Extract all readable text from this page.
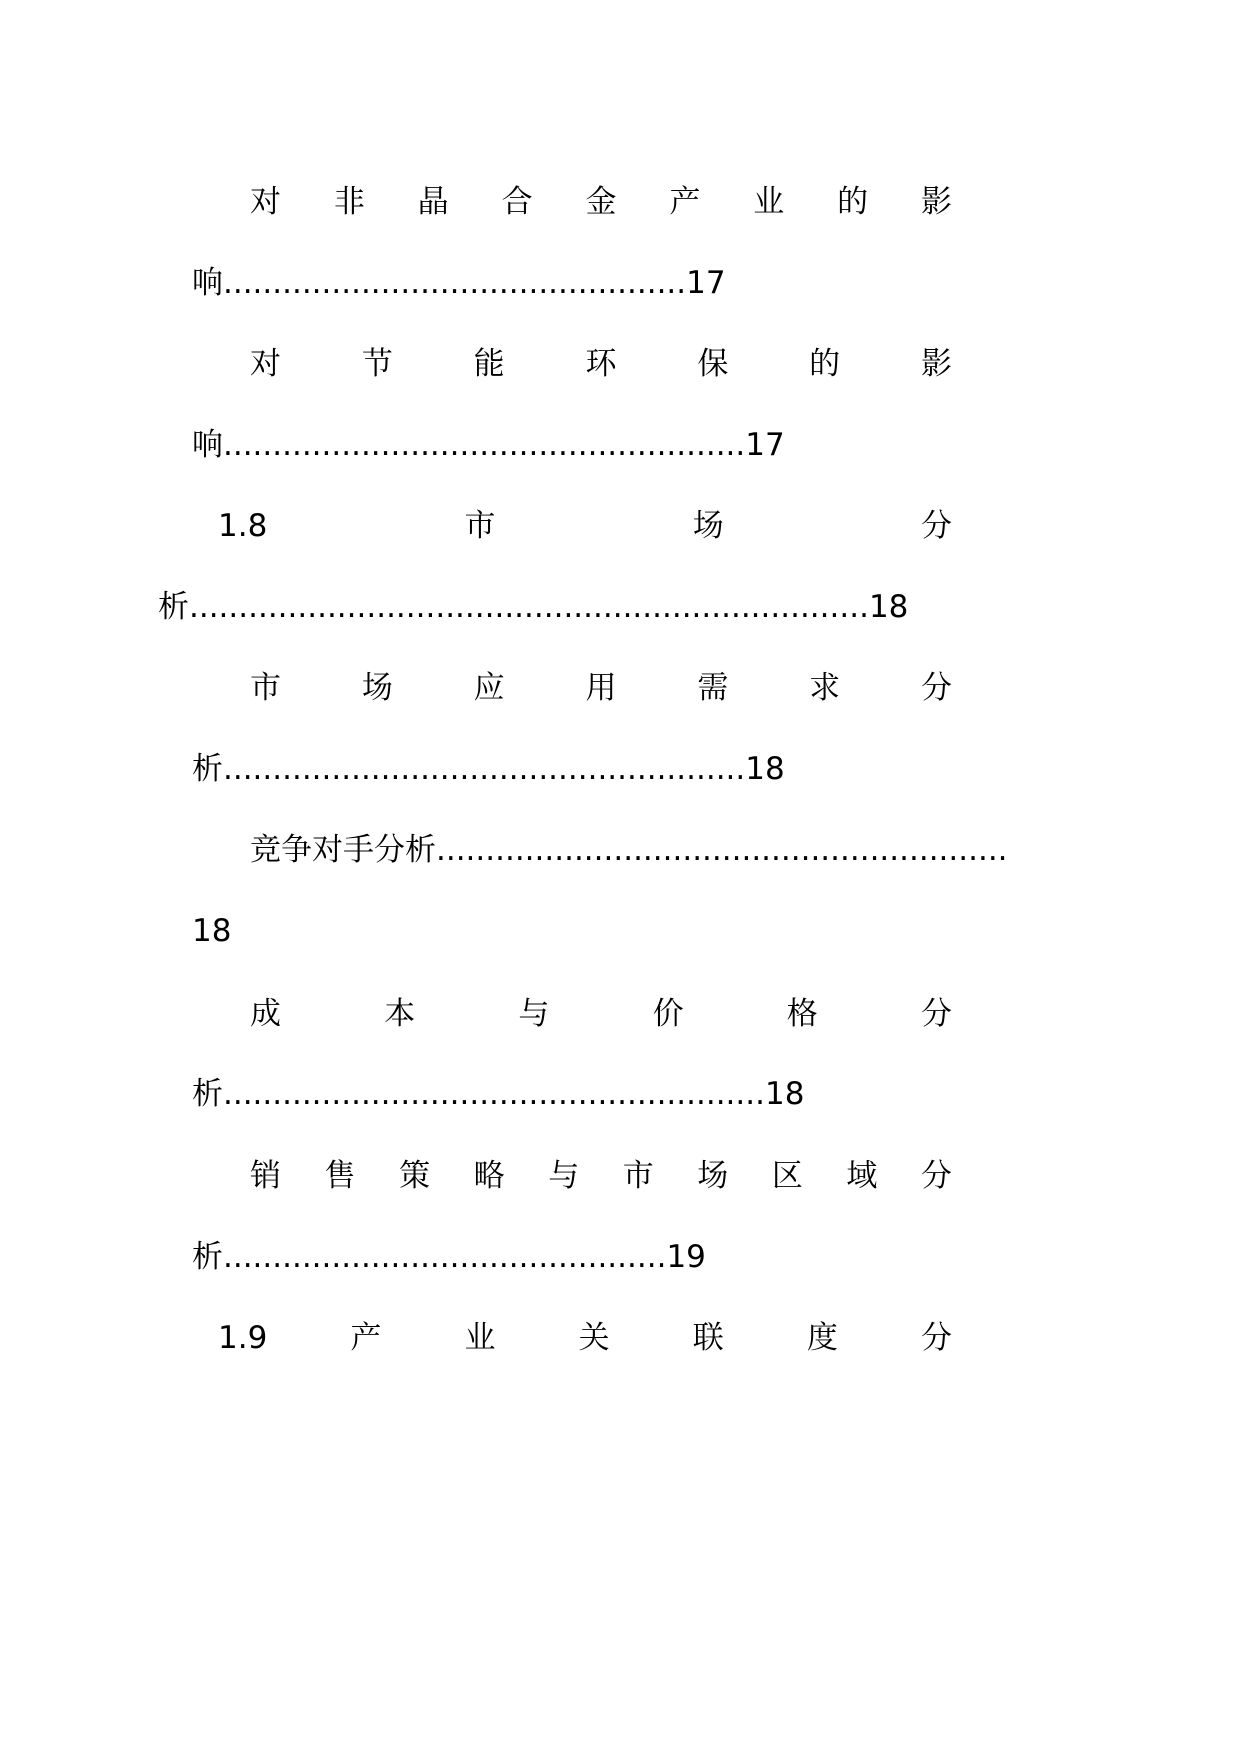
对 非 晶 合 金 产 业 的 影
响 ............................................... 17
对	节	能	环	保	的	影
响 ..................................................... 17
1.8	市	场	分
析 ..................................................................... 18
市	场	应	用	需	求	分
析 ..................................................... 18
竞争对手分析 ..........................................................
18
成	本	与	价	格	分
析 ....................................................... 18
销 售 策 略 与 市 场 区 域 分
析 ............................................. 19
1.9	产	业	关	联	度	分
